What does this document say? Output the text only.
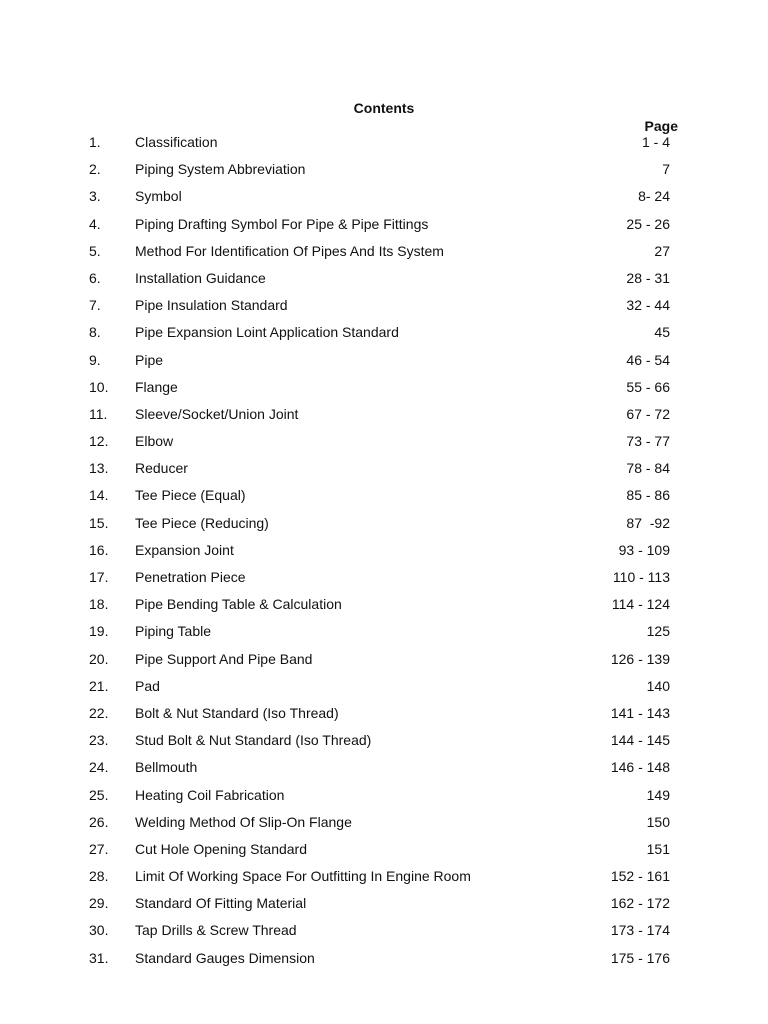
Contents
Page
1. Classification	1 - 4
2. Piping System Abbreviation	7
3. Symbol	8- 24
4. Piping Drafting Symbol For Pipe & Pipe Fittings	25 - 26
5. Method For Identification Of Pipes And Its System	27
6. Installation Guidance	28 - 31
7. Pipe Insulation Standard	32 - 44
8. Pipe Expansion Loint Application Standard	45
9. Pipe	46 - 54
10. Flange	55 - 66
11. Sleeve/Socket/Union Joint	67 - 72
12. Elbow	73 - 77
13. Reducer	78 - 84
14. Tee Piece (Equal)	85 - 86
15. Tee Piece (Reducing)	87  -92
16. Expansion Joint	93 - 109
17. Penetration Piece	110 - 113
18. Pipe Bending Table & Calculation	114 - 124
19. Piping Table	125
20. Pipe Support And Pipe Band	126 - 139
21. Pad	140
22. Bolt & Nut Standard (Iso Thread)	141 - 143
23. Stud Bolt & Nut Standard (Iso Thread)	144 - 145
24. Bellmouth	146 - 148
25. Heating Coil Fabrication	149
26. Welding Method Of Slip-On Flange	150
27. Cut Hole Opening Standard	151
28. Limit Of Working Space For Outfitting In Engine Room	152 - 161
29. Standard Of Fitting Material	162 - 172
30. Tap Drills & Screw Thread	173 - 174
31. Standard Gauges Dimension	175 - 176
